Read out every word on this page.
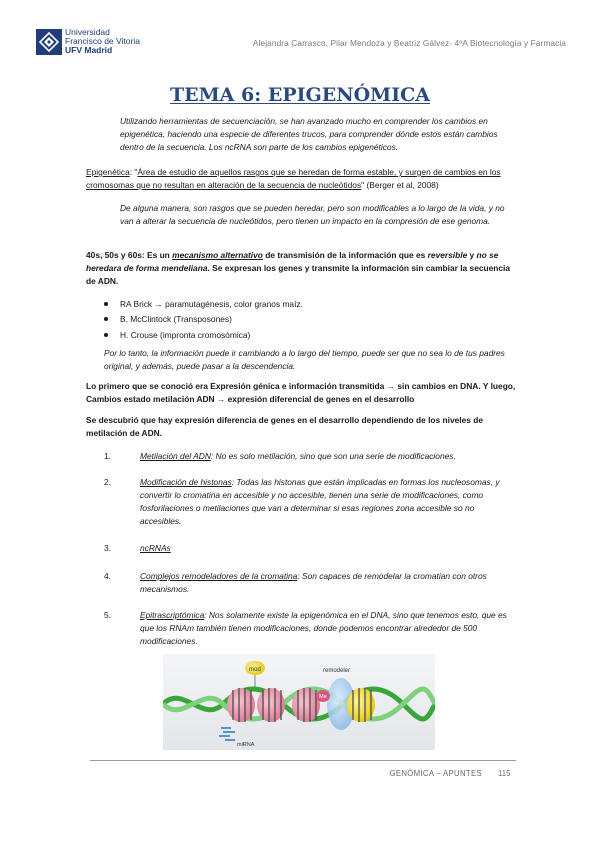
Universidad
Francisco de Vitoria
UFV Madrid
Alejandra Carrasco, Pilar Mendoza y Beatriz Gálvez- 4ºA Biotecnología y Farmacia
TEMA 6: EPIGENÓMICA
Utilizando herramientas de secuenciación, se han avanzado mucho en comprender los cambios en epigenética, haciendo una especie de diferentes trucos, para comprender dónde estos están cambios dentro de la secuencia. Los ncRNA son parte de los cambios epigenéticos.
Epigenética: "Área de estudio de aquellos rasgos que se heredan de forma estable, y surgen de cambios en los cromosomas que no resultan en alteración de la secuencia de nucleótidos" (Berger et al, 2008)
De alguna manera, son rasgos que se pueden heredar, pero son modificables a lo largo de la vida, y no van a alterar la secuencia de nucleótidos, pero tienen un impacto en la compresión de ese genoma.
40s, 50s y 60s: Es un mecanismo alternativo de transmisión de la información que es reversible y no se heredara de forma mendeliana. Se expresan los genes y transmite la información sin cambiar la secuencia de ADN.
RA Brick → paramutagénesis, color granos maíz.
B. McClintock (Transposones)
H. Crouse (impronta cromosómica)
Por lo tanto, la información puede ir cambiando a lo largo del tiempo, puede ser que no sea lo de tus padres original, y además, puede pasar a la descendencia.
Lo primero que se conoció era Expresión génica e información transmitida → sin cambios en DNA. Y luego, Cambios estado metilación ADN → expresión diferencial de genes en el desarrollo
Se descubrió que hay expresión diferencia de genes en el desarrollo dependiendo de los niveles de metilación de ADN.
1.	Metilación del ADN: No es solo metilación, sino que son una serie de modificaciones.
2.	Modificación de histonas: Todas las histonas que están implicadas en formas los nucleosomas, y convertir lo cromatina en accesible y no accesible, tienen una serie de modificaciones, como fosforilaciones o metilaciones que van a determinar si esas regiones zona accesible so no accesibles.
3.	ncRNAs
4.	Complejos remodeladores de la cromatina: Son capaces de remodelar la cromatian con otros mecanismos.
5.	Epitrascriptómica: Nos solamente existe la epigenómica en el DNA, sino que tenemos esto, que es que los RNAm también tienen modificaciones, donde podemos encontrar alrededor de 500 modificaciones.
mod	remodeler
Me
miRNA
GENÓMICA – APUNTES 115
